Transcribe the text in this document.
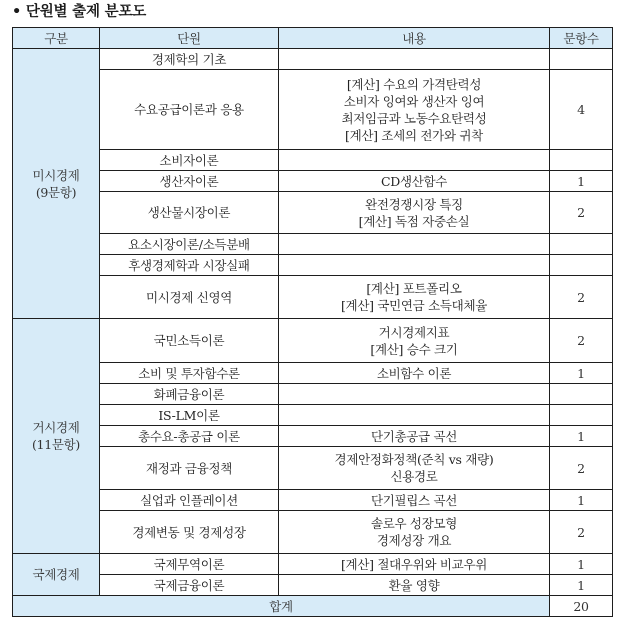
• 단원별 출제 분포도
구분	단원	내용	문항수

미시경제
(9문항)	경제학의 기초		
	수요공급이론과 응용	[계산] 수요의 가격탄력성
소비자 잉여와 생산자 잉여
최저임금과 노동수요탄력성
[계산] 조세의 전가와 귀착	4
	소비자이론		
	생산자이론	CD생산함수	1
	생산물시장이론	완전경쟁시장 특징
[계산] 독점 자중손실	2
	요소시장이론/소득분배		
	후생경제학과 시장실패		
	미시경제 신영역	[계산] 포트폴리오
[계산] 국민연금 소득대체율	2

거시경제
(11문항)	국민소득이론	거시경제지표
[계산] 승수 크기	2
	소비 및 투자함수론	소비함수 이론	1
	화폐금융이론		
	IS-LM이론		
	총수요-총공급 이론	단기총공급 곡선	1
	재정과 금융정책	경제안정화정책(준칙 vs 재량)
신용경로	2
	실업과 인플레이션	단기필립스 곡선	1
	경제변동 및 경제성장	솔로우 성장모형
경제성장 개요	2

국제경제	국제무역이론	[계산] 절대우위와 비교우위	1
	국제금융이론	환율 영향	1
합계			20
